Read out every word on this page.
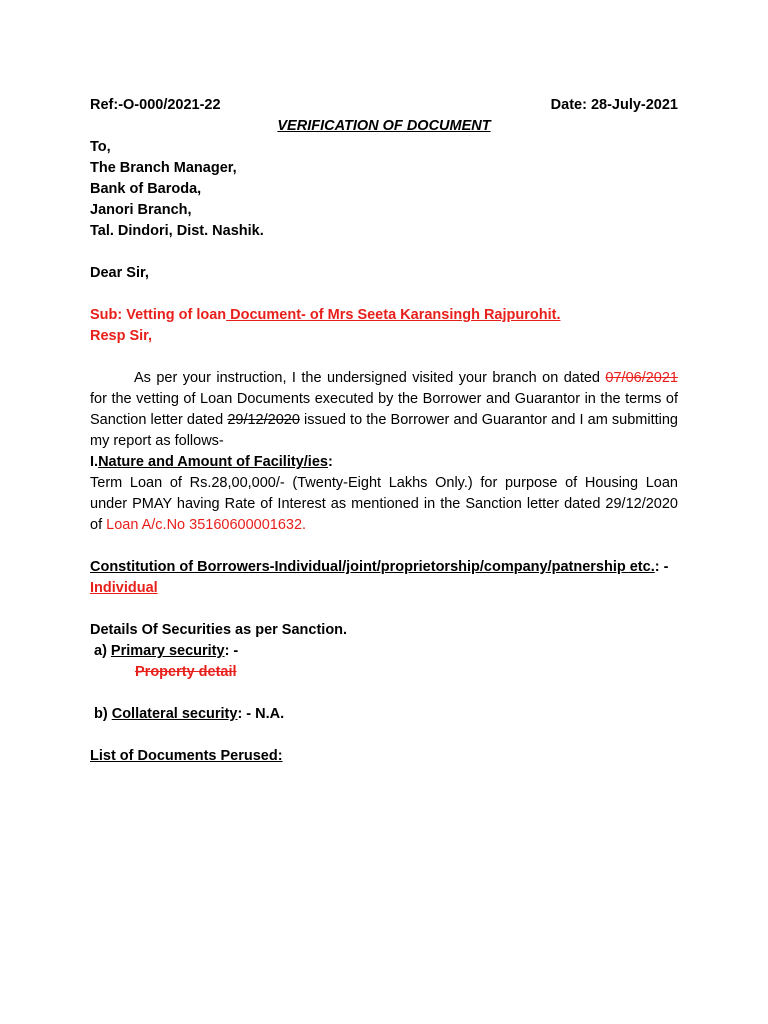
Ref:-O-000/2021-22	Date: 28-July-2021
VERIFICATION OF DOCUMENT
To,
The Branch Manager,
Bank of Baroda,
Janori Branch,
Tal. Dindori, Dist. Nashik.
Dear Sir,
Sub: Vetting of loan Document- of Mrs Seeta Karansingh Rajpurohit.
Resp Sir,

As per your instruction, I the undersigned visited your branch on dated 07/06/2021 for the vetting of Loan Documents executed by the Borrower and Guarantor in the terms of Sanction letter dated 29/12/2020 issued to the Borrower and Guarantor and I am submitting my report as follows-

I.Nature and Amount of Facility/ies:

Term Loan of Rs.28,00,000/- (Twenty-Eight Lakhs Only.) for purpose of Housing Loan under PMAY having Rate of Interest as mentioned in the Sanction letter dated 29/12/2020 of Loan A/c.No 35160600001632.

Constitution of Borrowers-Individual/joint/proprietorship/company/patnership etc.: - Individual
Details Of Securities as per Sanction.
a) Primary security: -
Property detail
b) Collateral security: - N.A.
List of Documents Perused:
